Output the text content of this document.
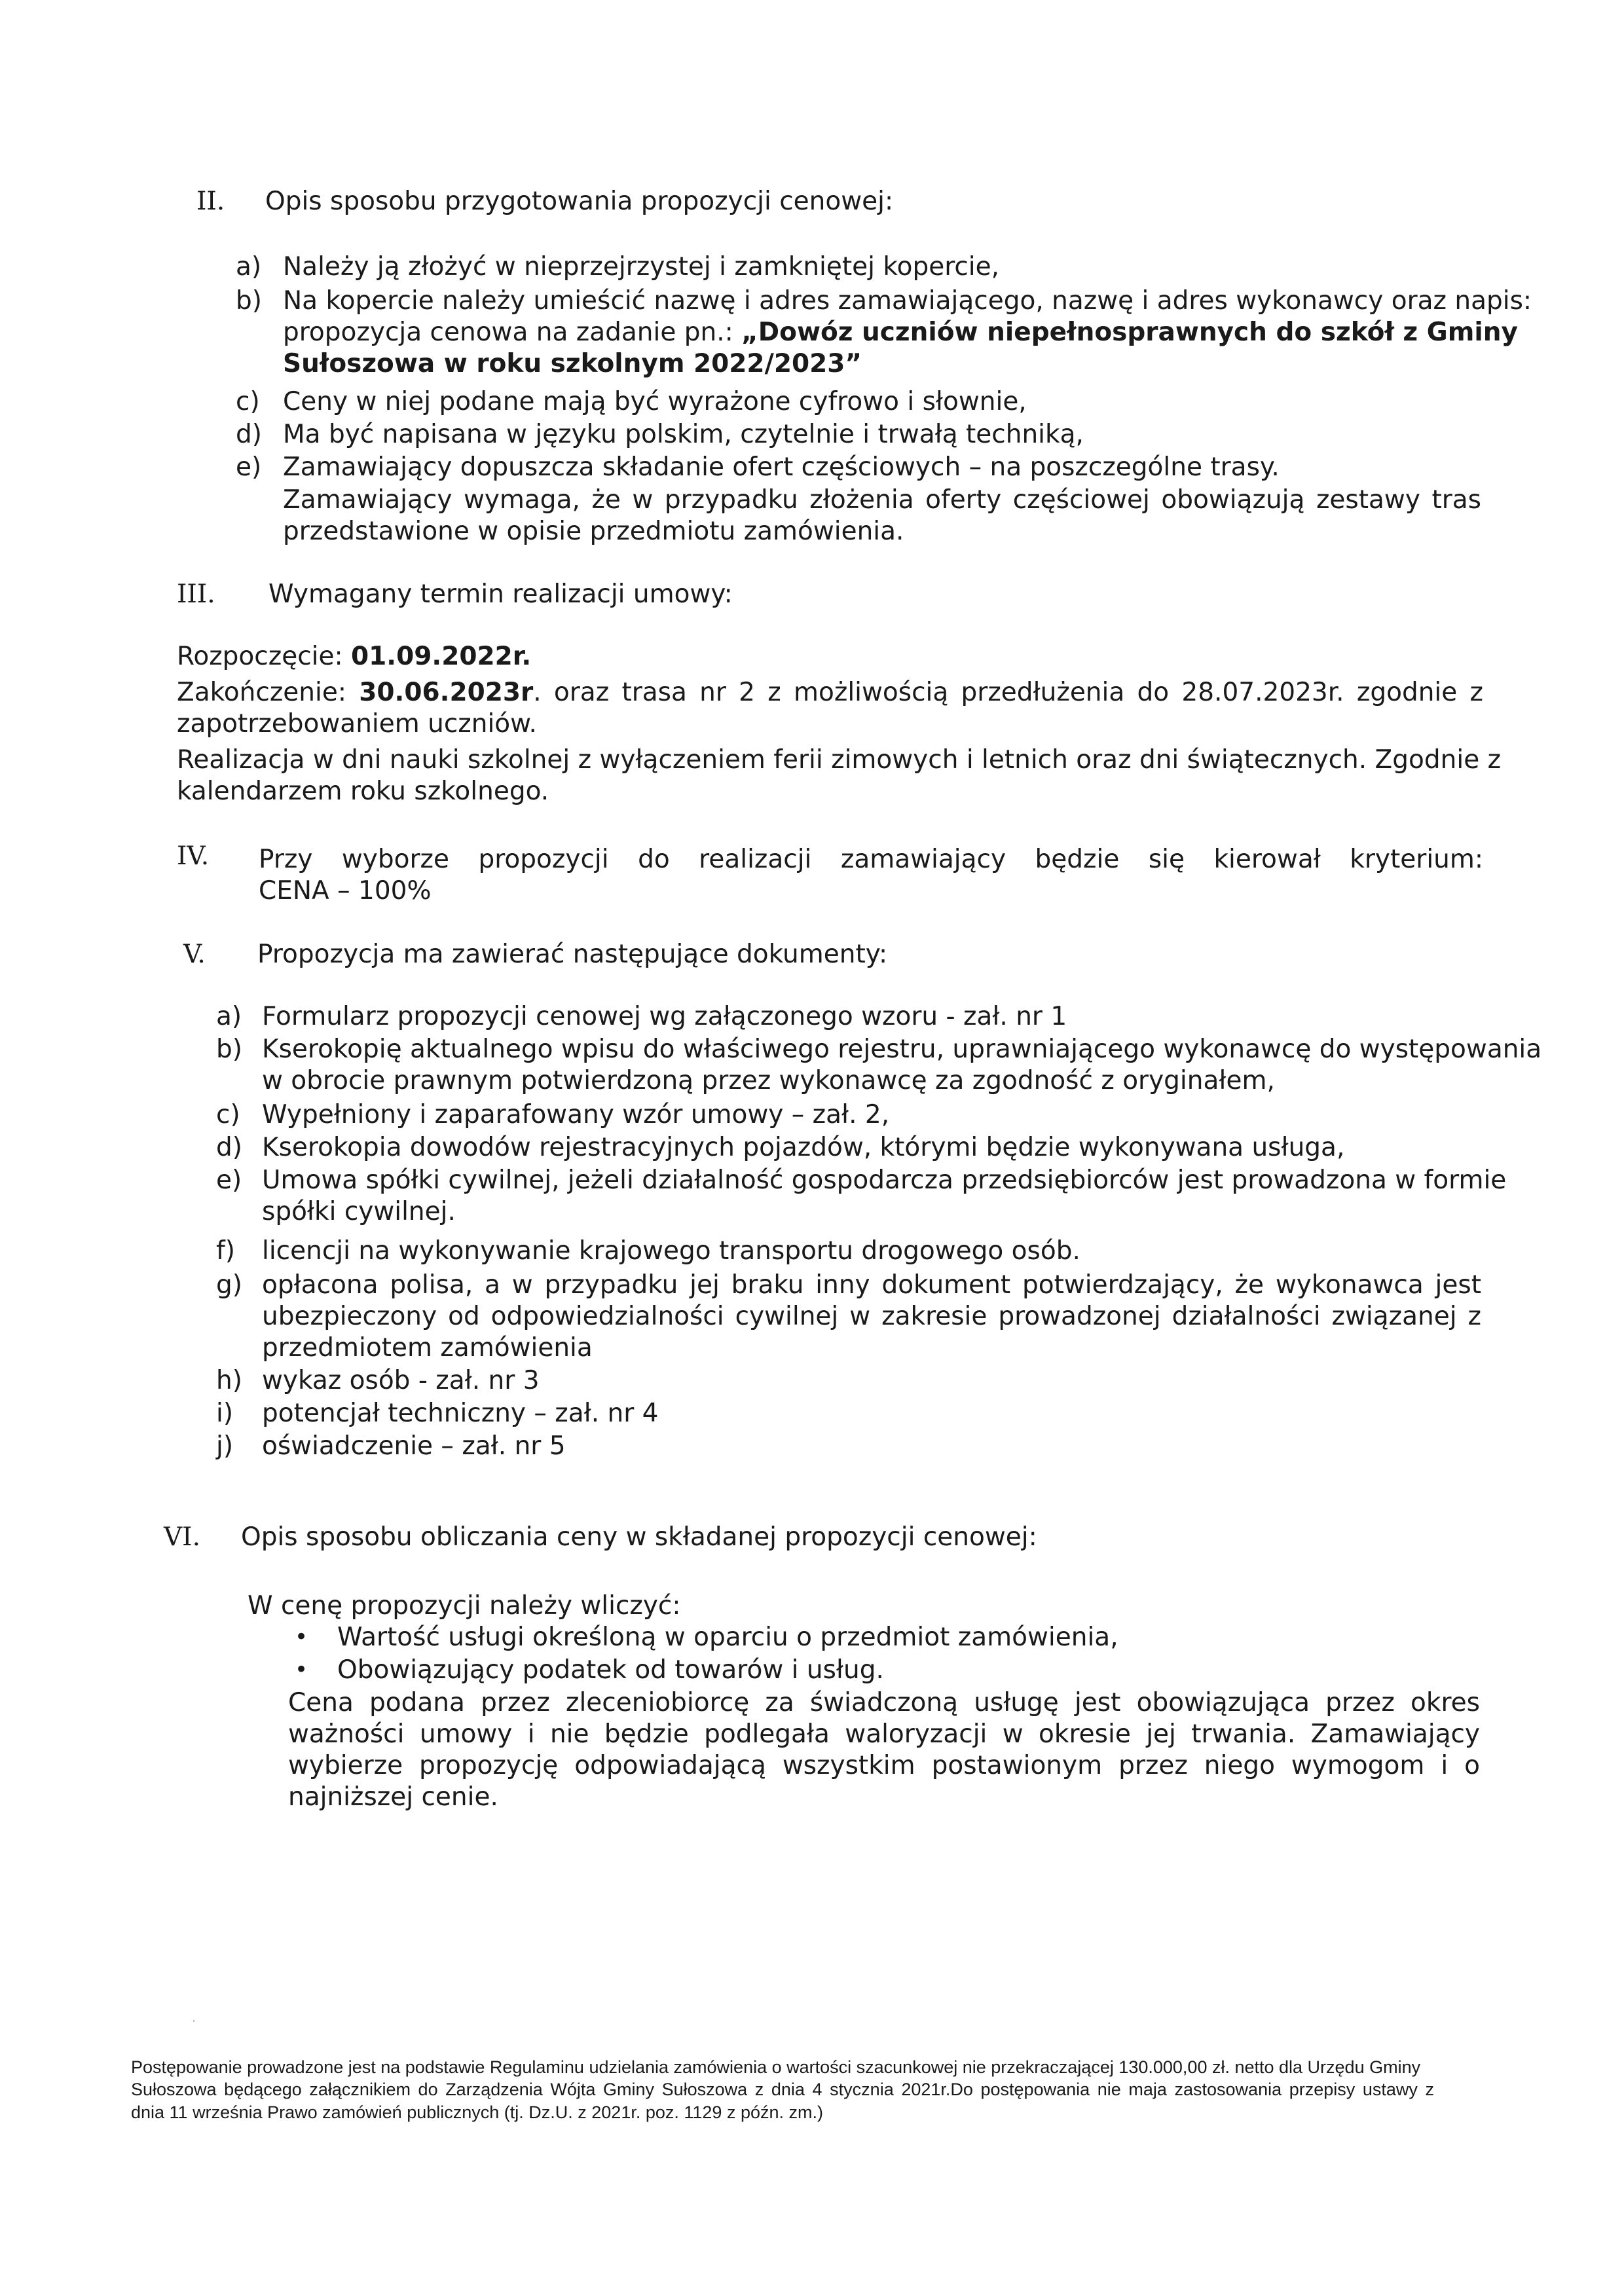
II.	Opis sposobu przygotowania propozycji cenowej:
a) Należy ją złożyć w nieprzejrzystej i zamkniętej kopercie,
b) Na kopercie należy umieścić nazwę i adres zamawiającego, nazwę i adres wykonawcy oraz napis:
propozycja cenowa na zadanie pn.: „Dowóz uczniów niepełnosprawnych do szkół z Gminy
Sułoszowa w roku szkolnym 2022/2023”
c) Ceny w niej podane mają być wyrażone cyfrowo i słownie,
d) Ma być napisana w języku polskim, czytelnie i trwałą techniką,
e) Zamawiający dopuszcza składanie ofert częściowych – na poszczególne trasy.
Zamawiający wymaga, że w przypadku złożenia oferty częściowej obowiązują zestawy tras
przedstawione w opisie przedmiotu zamówienia.
III.	Wymagany termin realizacji umowy:
Rozpoczęcie: 01.09.2022r.
Zakończenie: 30.06.2023r. oraz trasa nr 2 z możliwością przedłużenia do 28.07.2023r. zgodnie z
zapotrzebowaniem uczniów.
Realizacja w dni nauki szkolnej z wyłączeniem ferii zimowych i letnich oraz dni świątecznych. Zgodnie z
kalendarzem roku szkolnego.
IV. Przy wyborze propozycji do realizacji zamawiający będzie się kierował kryterium:
CENA – 100%
V.	Propozycja ma zawierać następujące dokumenty:
a) Formularz propozycji cenowej wg załączonego wzoru - zał. nr 1
b) Kserokopię aktualnego wpisu do właściwego rejestru, uprawniającego wykonawcę do występowania
w obrocie prawnym potwierdzoną przez wykonawcę za zgodność z oryginałem,
c) Wypełniony i zaparafowany wzór umowy – zał. 2,
d) Kserokopia dowodów rejestracyjnych pojazdów, którymi będzie wykonywana usługa,
e) Umowa spółki cywilnej, jeżeli działalność gospodarcza przedsiębiorców jest prowadzona w formie
spółki cywilnej.
f) licencji na wykonywanie krajowego transportu drogowego osób.
g) opłacona polisa, a w przypadku jej braku inny dokument potwierdzający, że wykonawca jest
ubezpieczony od odpowiedzialności cywilnej w zakresie prowadzonej działalności związanej z
przedmiotem zamówienia
h) wykaz osób - zał. nr 3
i) potencjał techniczny – zał. nr 4
j) oświadczenie – zał. nr 5
VI.	Opis sposobu obliczania ceny w składanej propozycji cenowej:
W cenę propozycji należy wliczyć:
• Wartość usługi określoną w oparciu o przedmiot zamówienia,
• Obowiązujący podatek od towarów i usług.
Cena podana przez zleceniobiorcę za świadczoną usługę jest obowiązująca przez okres
ważności umowy i nie będzie podlegała waloryzacji w okresie jej trwania. Zamawiający
wybierze propozycję odpowiadającą wszystkim postawionym przez niego wymogom i o
najniższej cenie.
Postępowanie prowadzone jest na podstawie Regulaminu udzielania zamówienia o wartości szacunkowej nie przekraczającej 130.000,00 zł. netto dla Urzędu Gminy
Sułoszowa będącego załącznikiem do Zarządzenia Wójta Gminy Sułoszowa z dnia 4 stycznia 2021r.Do postępowania nie maja zastosowania przepisy ustawy z
dnia 11 września Prawo zamówień publicznych (tj. Dz.U. z 2021r. poz. 1129 z późn. zm.)
